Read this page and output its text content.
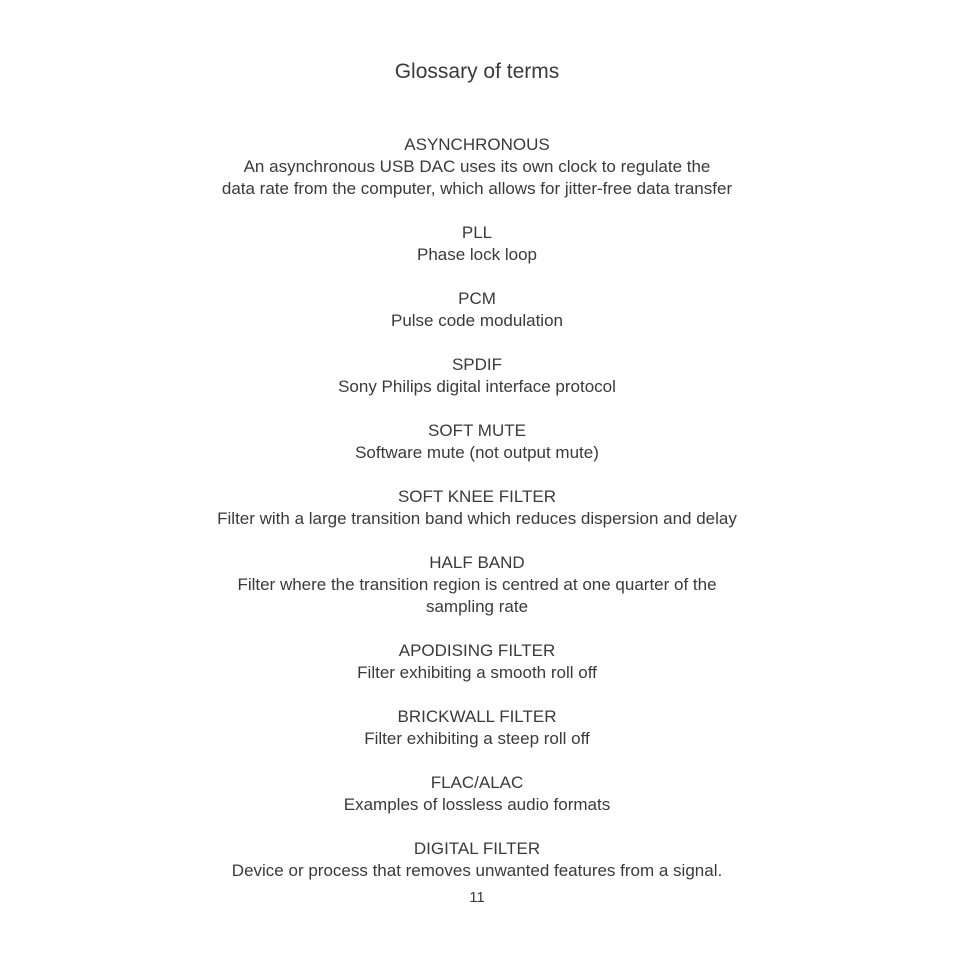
Glossary of terms
ASYNCHRONOUS
An asynchronous USB DAC uses its own clock to regulate the
data rate from the computer, which allows for jitter-free data transfer
PLL
Phase lock loop
PCM
Pulse code modulation
SPDIF
Sony Philips digital interface protocol
SOFT MUTE
Software mute (not output mute)
SOFT KNEE FILTER
Filter with a large transition band which reduces dispersion and delay
HALF BAND
Filter where the transition region is centred at one quarter of the
sampling rate
APODISING FILTER
Filter exhibiting a smooth roll off
BRICKWALL FILTER
Filter exhibiting a steep roll off
FLAC/ALAC
Examples of lossless audio formats
DIGITAL FILTER
Device or process that removes unwanted features from a signal.
11
